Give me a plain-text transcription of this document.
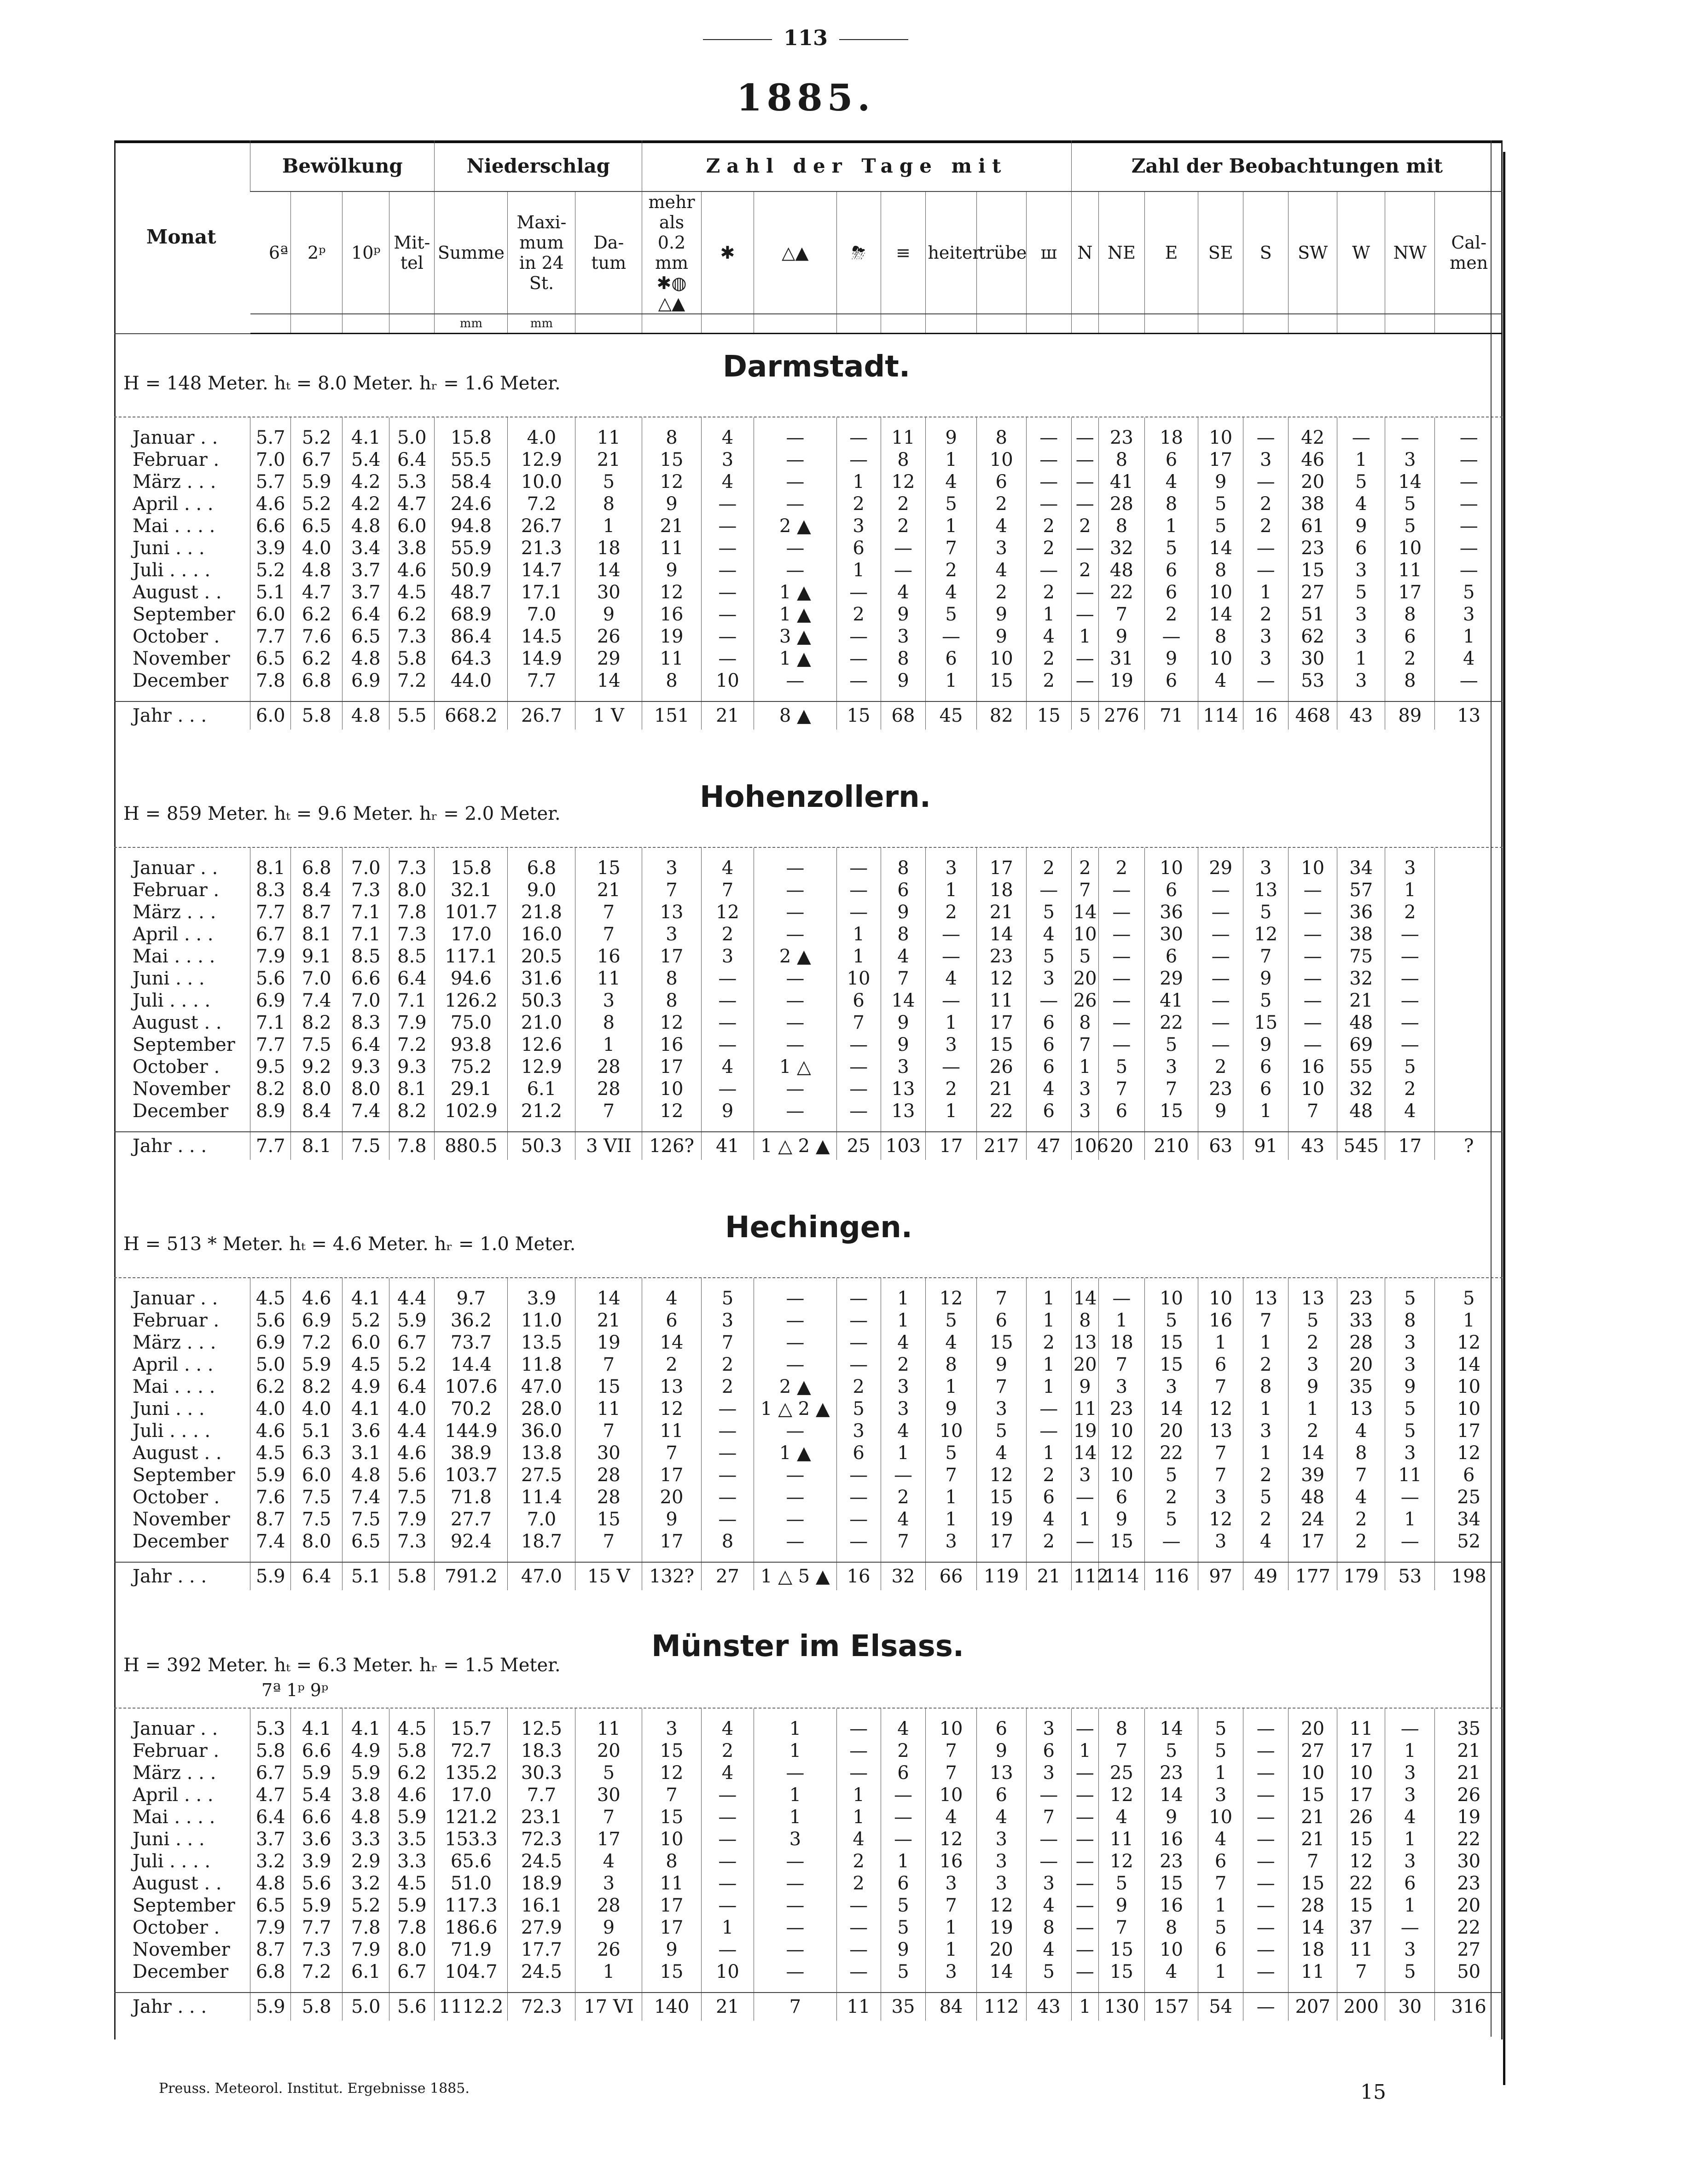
113
1885.
Monat	Bewölkung				Niederschlag			Zahl der Tage mit								Zahl der Beobachtungen mit								
	6ª	2ᵖ	10ᵖ	Mit-tel	Summe	Maxi-mum in 24 St.	Da-tum	mehr als 0.2 mm ✱◍ △▲	✱	△▲	⛈	≡	heiter	trübe	ш	N	NE	E	SE	S	SW	W	NW	Cal-men
					mm	mm																		
Darmstadt.
H = 148 Meter. hₜ = 8.0 Meter. hᵣ = 1.6 Meter.

Januar . .	5.7	5.2	4.1	5.0	15.8	4.0	11	8	4	—	—	11	9	8	—	—	23	18	10	—	42	—	—	—
Februar .	7.0	6.7	5.4	6.4	55.5	12.9	21	15	3	—	—	8	1	10	—	—	8	6	17	3	46	1	3	—
März . . .	5.7	5.9	4.2	5.3	58.4	10.0	5	12	4	—	1	12	4	6	—	—	41	4	9	—	20	5	14	—
April . . .	4.6	5.2	4.2	4.7	24.6	7.2	8	9	—	—	2	2	5	2	—	—	28	8	5	2	38	4	5	—
Mai . . . .	6.6	6.5	4.8	6.0	94.8	26.7	1	21	—	2 ▲	3	2	1	4	2	2	8	1	5	2	61	9	5	—
Juni . . .	3.9	4.0	3.4	3.8	55.9	21.3	18	11	—	—	6	—	7	3	2	—	32	5	14	—	23	6	10	—
Juli . . . .	5.2	4.8	3.7	4.6	50.9	14.7	14	9	—	—	1	—	2	4	—	2	48	6	8	—	15	3	11	—
August . .	5.1	4.7	3.7	4.5	48.7	17.1	30	12	—	1 ▲	—	4	4	2	2	—	22	6	10	1	27	5	17	5
September	6.0	6.2	6.4	6.2	68.9	7.0	9	16	—	1 ▲	2	9	5	9	1	—	7	2	14	2	51	3	8	3
October .	7.7	7.6	6.5	7.3	86.4	14.5	26	19	—	3 ▲	—	3	—	9	4	1	9	—	8	3	62	3	6	1
November	6.5	6.2	4.8	5.8	64.3	14.9	29	11	—	1 ▲	—	8	6	10	2	—	31	9	10	3	30	1	2	4
December	7.8	6.8	6.9	7.2	44.0	7.7	14	8	10	—	—	9	1	15	2	—	19	6	4	—	53	3	8	—

Jahr . . .	6.0	5.8	4.8	5.5	668.2	26.7	1 V	151	21	8 ▲	15	68	45	82	15	5	276	71	114	16	468	43	89	13
Hohenzollern.
H = 859 Meter. hₜ = 9.6 Meter. hᵣ = 2.0 Meter.

Januar . .	8.1	6.8	7.0	7.3	15.8	6.8	15	3	4	—	—	8	3	17	2	2	2	10	29	3	10	34	3	
Februar .	8.3	8.4	7.3	8.0	32.1	9.0	21	7	7	—	—	6	1	18	—	7	—	6	—	13	—	57	1	
März . . .	7.7	8.7	7.1	7.8	101.7	21.8	7	13	12	—	—	9	2	21	5	14	—	36	—	5	—	36	2	
April . . .	6.7	8.1	7.1	7.3	17.0	16.0	7	3	2	—	1	8	—	14	4	10	—	30	—	12	—	38	—	
Mai . . . .	7.9	9.1	8.5	8.5	117.1	20.5	16	17	3	2 ▲	1	4	—	23	5	5	—	6	—	7	—	75	—	
Juni . . .	5.6	7.0	6.6	6.4	94.6	31.6	11	8	—	—	10	7	4	12	3	20	—	29	—	9	—	32	—	
Juli . . . .	6.9	7.4	7.0	7.1	126.2	50.3	3	8	—	—	6	14	—	11	—	26	—	41	—	5	—	21	—	
August . .	7.1	8.2	8.3	7.9	75.0	21.0	8	12	—	—	7	9	1	17	6	8	—	22	—	15	—	48	—	
September	7.7	7.5	6.4	7.2	93.8	12.6	1	16	—	—	—	9	3	15	6	7	—	5	—	9	—	69	—	
October .	9.5	9.2	9.3	9.3	75.2	12.9	28	17	4	1 △	—	3	—	26	6	1	5	3	2	6	16	55	5	
November	8.2	8.0	8.0	8.1	29.1	6.1	28	10	—	—	—	13	2	21	4	3	7	7	23	6	10	32	2	
December	8.9	8.4	7.4	8.2	102.9	21.2	7	12	9	—	—	13	1	22	6	3	6	15	9	1	7	48	4	

Jahr . . .	7.7	8.1	7.5	7.8	880.5	50.3	3 VII	126?	41	1 △ 2 ▲	25	103	17	217	47	106	20	210	63	91	43	545	17	?
Hechingen.
H = 513 * Meter. hₜ = 4.6 Meter. hᵣ = 1.0 Meter.

Januar . .	4.5	4.6	4.1	4.4	9.7	3.9	14	4	5	—	—	1	12	7	1	14	—	10	10	13	13	23	5	5
Februar .	5.6	6.9	5.2	5.9	36.2	11.0	21	6	3	—	—	1	5	6	1	8	1	5	16	7	5	33	8	1
März . . .	6.9	7.2	6.0	6.7	73.7	13.5	19	14	7	—	—	4	4	15	2	13	18	15	1	1	2	28	3	12
April . . .	5.0	5.9	4.5	5.2	14.4	11.8	7	2	2	—	—	2	8	9	1	20	7	15	6	2	3	20	3	14
Mai . . . .	6.2	8.2	4.9	6.4	107.6	47.0	15	13	2	2 ▲	2	3	1	7	1	9	3	3	7	8	9	35	9	10
Juni . . .	4.0	4.0	4.1	4.0	70.2	28.0	11	12	—	1 △ 2 ▲	5	3	9	3	—	11	23	14	12	1	1	13	5	10
Juli . . . .	4.6	5.1	3.6	4.4	144.9	36.0	7	11	—	—	3	4	10	5	—	19	10	20	13	3	2	4	5	17
August . .	4.5	6.3	3.1	4.6	38.9	13.8	30	7	—	1 ▲	6	1	5	4	1	14	12	22	7	1	14	8	3	12
September	5.9	6.0	4.8	5.6	103.7	27.5	28	17	—	—	—	—	7	12	2	3	10	5	7	2	39	7	11	6
October .	7.6	7.5	7.4	7.5	71.8	11.4	28	20	—	—	—	2	1	15	6	—	6	2	3	5	48	4	—	25
November	8.7	7.5	7.5	7.9	27.7	7.0	15	9	—	—	—	4	1	19	4	1	9	5	12	2	24	2	1	34
December	7.4	8.0	6.5	7.3	92.4	18.7	7	17	8	—	—	7	3	17	2	—	15	—	3	4	17	2	—	52

Jahr . . .	5.9	6.4	5.1	5.8	791.2	47.0	15 V	132?	27	1 △ 5 ▲	16	32	66	119	21	112	114	116	97	49	177	179	53	198
Münster im Elsass.
H = 392 Meter. hₜ = 6.3 Meter. hᵣ = 1.5 Meter.
7ª 1ᵖ 9ᵖ

Januar . .	5.3	4.1	4.1	4.5	15.7	12.5	11	3	4	1	—	4	10	6	3	—	8	14	5	—	20	11	—	35
Februar .	5.8	6.6	4.9	5.8	72.7	18.3	20	15	2	1	—	2	7	9	6	1	7	5	5	—	27	17	1	21
März . . .	6.7	5.9	5.9	6.2	135.2	30.3	5	12	4	—	—	6	7	13	3	—	25	23	1	—	10	10	3	21
April . . .	4.7	5.4	3.8	4.6	17.0	7.7	30	7	—	1	1	—	10	6	—	—	12	14	3	—	15	17	3	26
Mai . . . .	6.4	6.6	4.8	5.9	121.2	23.1	7	15	—	1	1	—	4	4	7	—	4	9	10	—	21	26	4	19
Juni . . .	3.7	3.6	3.3	3.5	153.3	72.3	17	10	—	3	4	—	12	3	—	—	11	16	4	—	21	15	1	22
Juli . . . .	3.2	3.9	2.9	3.3	65.6	24.5	4	8	—	—	2	1	16	3	—	—	12	23	6	—	7	12	3	30
August . .	4.8	5.6	3.2	4.5	51.0	18.9	3	11	—	—	2	6	3	3	3	—	5	15	7	—	15	22	6	23
September	6.5	5.9	5.2	5.9	117.3	16.1	28	17	—	—	—	5	7	12	4	—	9	16	1	—	28	15	1	20
October .	7.9	7.7	7.8	7.8	186.6	27.9	9	17	1	—	—	5	1	19	8	—	7	8	5	—	14	37	—	22
November	8.7	7.3	7.9	8.0	71.9	17.7	26	9	—	—	—	9	1	20	4	—	15	10	6	—	18	11	3	27
December	6.8	7.2	6.1	6.7	104.7	24.5	1	15	10	—	—	5	3	14	5	—	15	4	1	—	11	7	5	50

Jahr . . .	5.9	5.8	5.0	5.6	1112.2	72.3	17 VI	140	21	7	11	35	84	112	43	1	130	157	54	—	207	200	30	316
Preuss. Meteorol. Institut. Ergebnisse 1885.	15
